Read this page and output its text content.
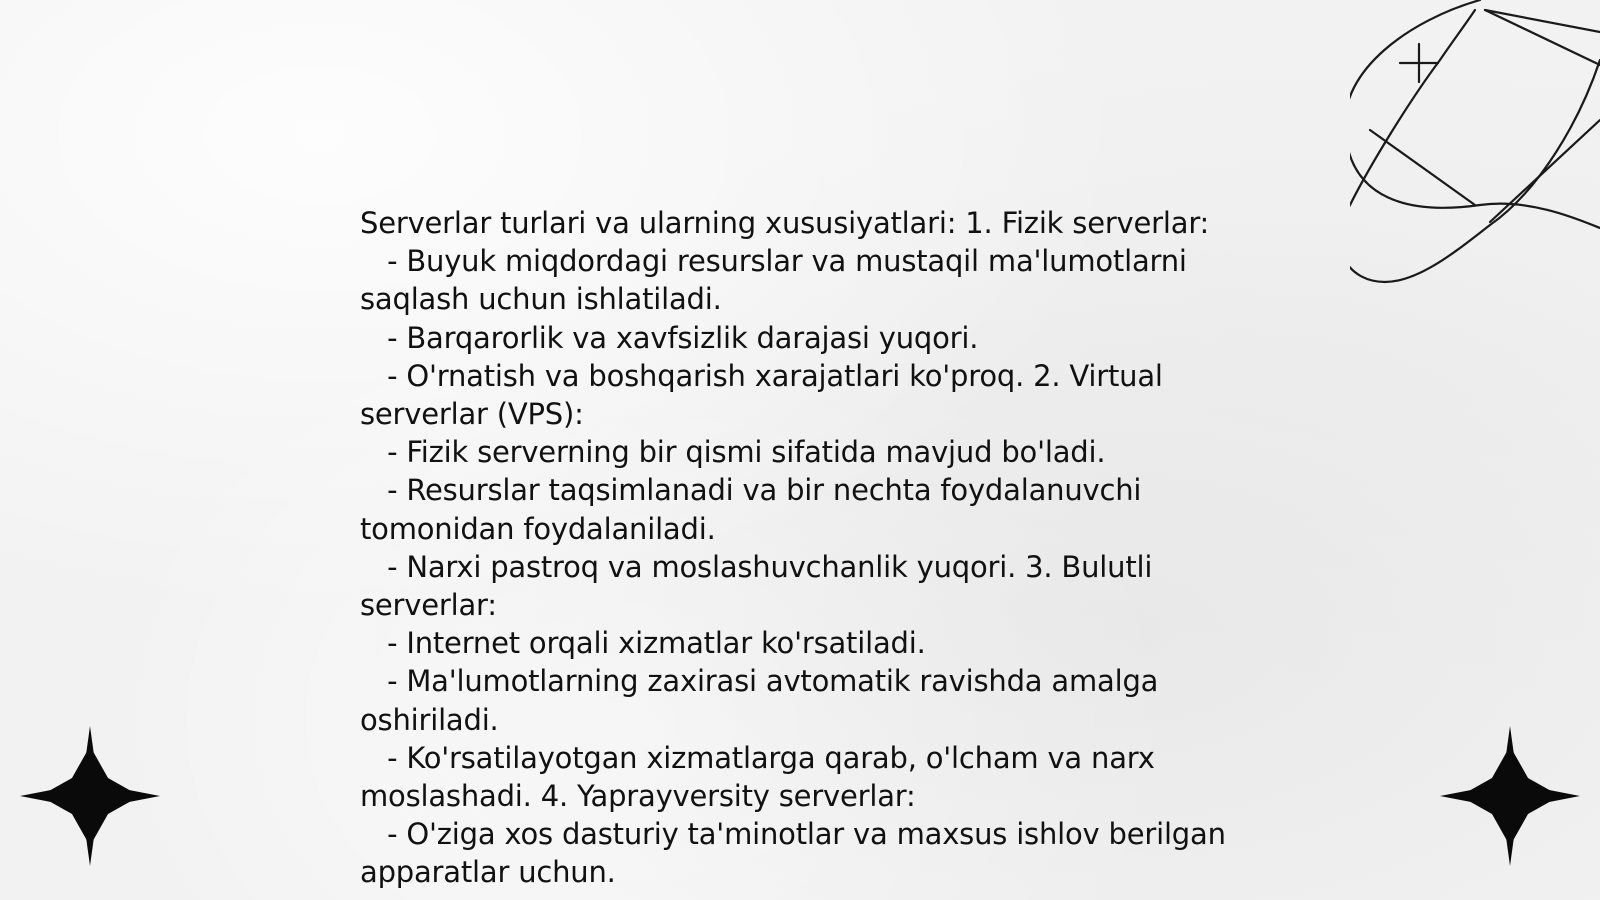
Serverlar turlari va ularning xususiyatlari: 1. Fizik serverlar:

- Buyuk miqdordagi resurslar va mustaqil ma'lumotlarni saqlash uchun ishlatiladi.

- Barqarorlik va xavfsizlik darajasi yuqori.

- O'rnatish va boshqarish xarajatlari ko'proq. 2. Virtual serverlar (VPS):

- Fizik serverning bir qismi sifatida mavjud bo'ladi.

- Resurslar taqsimlanadi va bir nechta foydalanuvchi tomonidan foydalaniladi.

- Narxi pastroq va moslashuvchanlik yuqori. 3. Bulutli serverlar:

- Internet orqali xizmatlar ko'rsatiladi.

- Ma'lumotlarning zaxirasi avtomatik ravishda amalga oshiriladi.

- Ko'rsatilayotgan xizmatlarga qarab, o'lcham va narx moslashadi. 4. Yaprayversity serverlar:

- O'ziga xos dasturiy ta'minotlar va maxsus ishlov berilgan apparatlar uchun.
